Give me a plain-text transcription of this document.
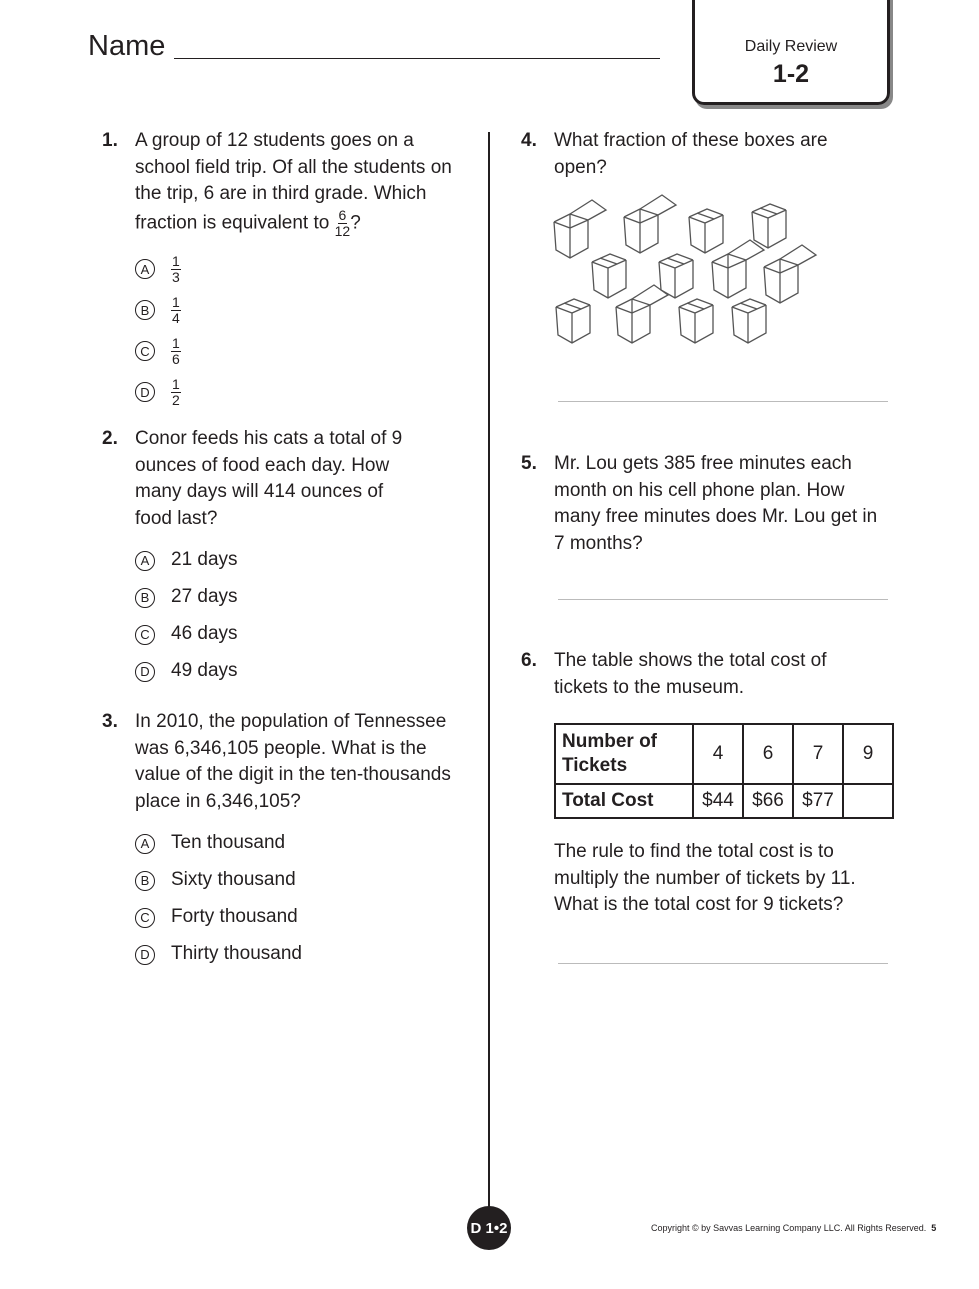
Name	Daily Review
1-2
1. A group of 12 students goes on a school field trip. Of all the students on the trip, 6 are in third grade. Which fraction is equivalent to $\frac{6}{12}$ ?
A	$\frac{1}{3}$
B	$\frac{1}{4}$
C	$\frac{1}{6}$
D	$\frac{1}{2}$
2. Conor feeds his cats a total of 9 ounces of food each day. How many days will 414 ounces of food last?
A 21 days
B 27 days
C 46 days
D 49 days
3. In 2010, the population of Tennessee was 6,346,105 people. What is the value of the digit in the ten-thousands place in 6,346,105?
A Ten thousand
B Sixty thousand
C Forty thousand
D Thirty thousand
4. What fraction of these boxes are open?
5. Mr. Lou gets 385 free minutes each month on his cell phone plan. How many free minutes does Mr. Lou get in 7 months?
6. The table shows the total cost of tickets to the museum.
Number of Tickets	4	6	7	9
Total Cost	$44	$66	$77	
The rule to find the total cost is to multiply the number of tickets by 11. What is the total cost for 9 tickets?
D 1•2	Copyright © by Savvas Learning Company LLC. All Rights Reserved. 5
